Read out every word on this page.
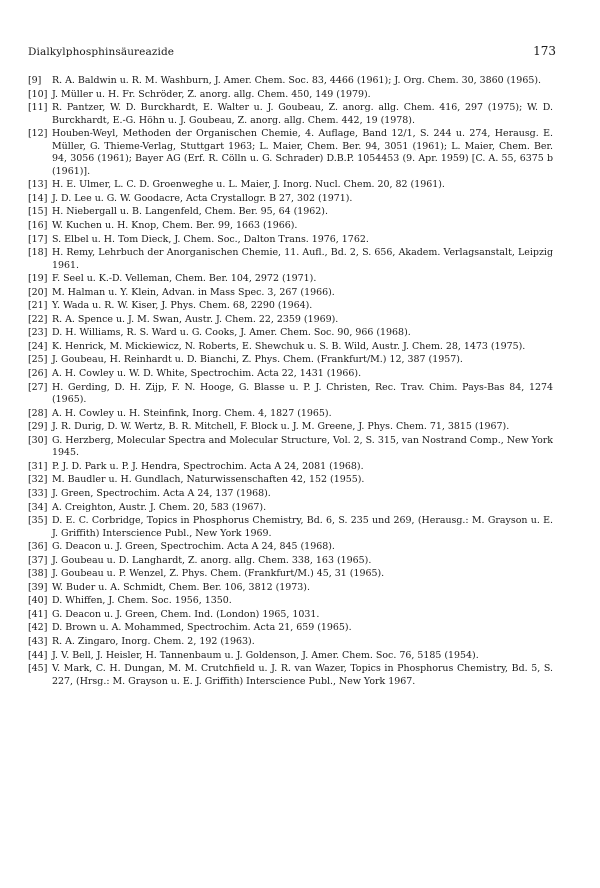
Dialkylphosphinsäureazide	173
[9]	R. A. Baldwin u. R. M. Washburn, J. Amer. Chem. Soc. 83, 4466 (1961); J. Org. Chem. 30, 3860 (1965).
[10] J. Müller u. H. Fr. Schröder, Z. anorg. allg. Chem. 450, 149 (1979).
[11] R. Pantzer, W. D. Burckhardt, E. Walter u. J. Goubeau, Z. anorg. allg. Chem. 416, 297 (1975); W. D. Burckhardt, E.-G. Höhn u. J. Goubeau, Z. anorg. allg. Chem. 442, 19 (1978).
[12] Houben-Weyl, Methoden der Organischen Chemie, 4. Auflage, Band 12/1, S. 244 u. 274, Herausg. E. Müller, G. Thieme-Verlag, Stuttgart 1963; L. Maier, Chem. Ber. 94, 3051 (1961); L. Maier, Chem. Ber. 94, 3056 (1961); Bayer AG (Erf. R. Cölln u. G. Schrader) D.B.P. 1054453 (9. Apr. 1959) [C. A. 55, 6375 b (1961)].
[13] H. E. Ulmer, L. C. D. Groenweghe u. L. Maier, J. Inorg. Nucl. Chem. 20, 82 (1961).
[14] J. D. Lee u. G. W. Goodacre, Acta Crystallogr. B 27, 302 (1971).
[15] H. Niebergall u. B. Langenfeld, Chem. Ber. 95, 64 (1962).
[16] W. Kuchen u. H. Knop, Chem. Ber. 99, 1663 (1966).
[17] S. Elbel u. H. Tom Dieck, J. Chem. Soc., Dalton Trans. 1976, 1762.
[18] H. Remy, Lehrbuch der Anorganischen Chemie, 11. Aufl., Bd. 2, S. 656, Akadem. Verlagsanstalt, Leipzig 1961.
[19] F. Seel u. K.-D. Velleman, Chem. Ber. 104, 2972 (1971).
[20] M. Halman u. Y. Klein, Advan. in Mass Spec. 3, 267 (1966).
[21] Y. Wada u. R. W. Kiser, J. Phys. Chem. 68, 2290 (1964).
[22] R. A. Spence u. J. M. Swan, Austr. J. Chem. 22, 2359 (1969).
[23] D. H. Williams, R. S. Ward u. G. Cooks, J. Amer. Chem. Soc. 90, 966 (1968).
[24] K. Henrick, M. Mickiewicz, N. Roberts, E. Shewchuk u. S. B. Wild, Austr. J. Chem. 28, 1473 (1975).
[25] J. Goubeau, H. Reinhardt u. D. Bianchi, Z. Phys. Chem. (Frankfurt/M.) 12, 387 (1957).
[26] A. H. Cowley u. W. D. White, Spectrochim. Acta 22, 1431 (1966).
[27] H. Gerding, D. H. Zijp, F. N. Hooge, G. Blasse u. P. J. Christen, Rec. Trav. Chim. Pays-Bas 84, 1274 (1965).
[28] A. H. Cowley u. H. Steinfink, Inorg. Chem. 4, 1827 (1965).
[29] J. R. Durig, D. W. Wertz, B. R. Mitchell, F. Block u. J. M. Greene, J. Phys. Chem. 71, 3815 (1967).
[30] G. Herzberg, Molecular Spectra and Molecular Structure, Vol. 2, S. 315, van Nostrand Comp., New York 1945.
[31] P. J. D. Park u. P. J. Hendra, Spectrochim. Acta A 24, 2081 (1968).
[32] M. Baudler u. H. Gundlach, Naturwissenschaften 42, 152 (1955).
[33] J. Green, Spectrochim. Acta A 24, 137 (1968).
[34] A. Creighton, Austr. J. Chem. 20, 583 (1967).
[35] D. E. C. Corbridge, Topics in Phosphorus Chemistry, Bd. 6, S. 235 und 269, (Herausg.: M. Grayson u. E. J. Griffith) Interscience Publ., New York 1969.
[36] G. Deacon u. J. Green, Spectrochim. Acta A 24, 845 (1968).
[37] J. Goubeau u. D. Langhardt, Z. anorg. allg. Chem. 338, 163 (1965).
[38] J. Goubeau u. P. Wenzel, Z. Phys. Chem. (Frankfurt/M.) 45, 31 (1965).
[39] W. Buder u. A. Schmidt, Chem. Ber. 106, 3812 (1973).
[40] D. Whiffen, J. Chem. Soc. 1956, 1350.
[41] G. Deacon u. J. Green, Chem. Ind. (London) 1965, 1031.
[42] D. Brown u. A. Mohammed, Spectrochim. Acta 21, 659 (1965).
[43] R. A. Zingaro, Inorg. Chem. 2, 192 (1963).
[44] J. V. Bell, J. Heisler, H. Tannenbaum u. J. Goldenson, J. Amer. Chem. Soc. 76, 5185 (1954).
[45] V. Mark, C. H. Dungan, M. M. Crutchfield u. J. R. van Wazer, Topics in Phosphorus Chemistry, Bd. 5, S. 227, (Hrsg.: M. Grayson u. E. J. Griffith) Interscience Publ., New York 1967.
